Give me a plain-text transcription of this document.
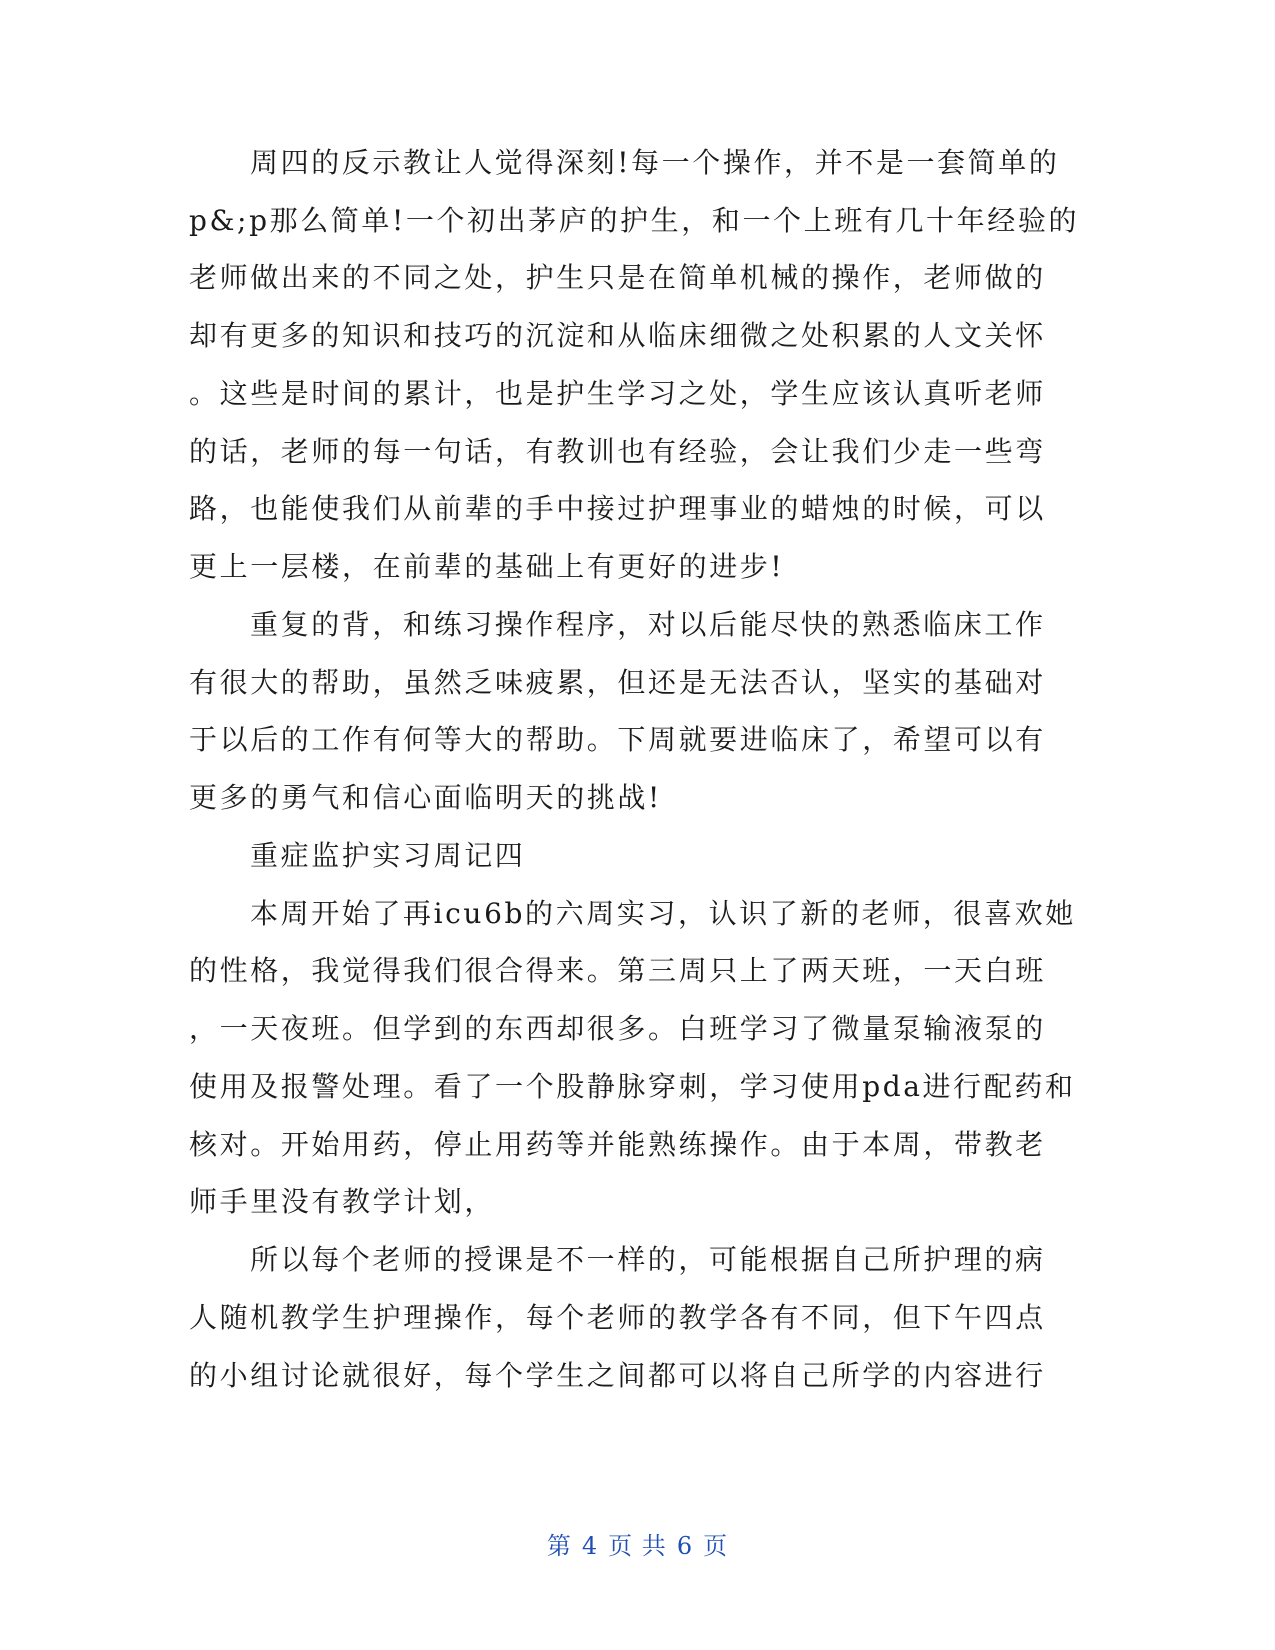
周四的反示教让人觉得深刻!每一个操作，并不是一套简单的
p&;p那么简单!一个初出茅庐的护生，和一个上班有几十年经验的
老师做出来的不同之处，护生只是在简单机械的操作，老师做的
却有更多的知识和技巧的沉淀和从临床细微之处积累的人文关怀
。这些是时间的累计，也是护生学习之处，学生应该认真听老师
的话，老师的每一句话，有教训也有经验，会让我们少走一些弯
路，也能使我们从前辈的手中接过护理事业的蜡烛的时候，可以
更上一层楼，在前辈的基础上有更好的进步!
重复的背，和练习操作程序，对以后能尽快的熟悉临床工作
有很大的帮助，虽然乏味疲累，但还是无法否认，坚实的基础对
于以后的工作有何等大的帮助。下周就要进临床了，希望可以有
更多的勇气和信心面临明天的挑战!
重症监护实习周记四
本周开始了再icu6b的六周实习，认识了新的老师，很喜欢她
的性格，我觉得我们很合得来。第三周只上了两天班，一天白班
，一天夜班。但学到的东西却很多。白班学习了微量泵输液泵的
使用及报警处理。看了一个股静脉穿刺，学习使用pda进行配药和
核对。开始用药，停止用药等并能熟练操作。由于本周，带教老
师手里没有教学计划，
所以每个老师的授课是不一样的，可能根据自己所护理的病
人随机教学生护理操作，每个老师的教学各有不同，但下午四点
的小组讨论就很好，每个学生之间都可以将自己所学的内容进行
第 4 页 共 6 页
